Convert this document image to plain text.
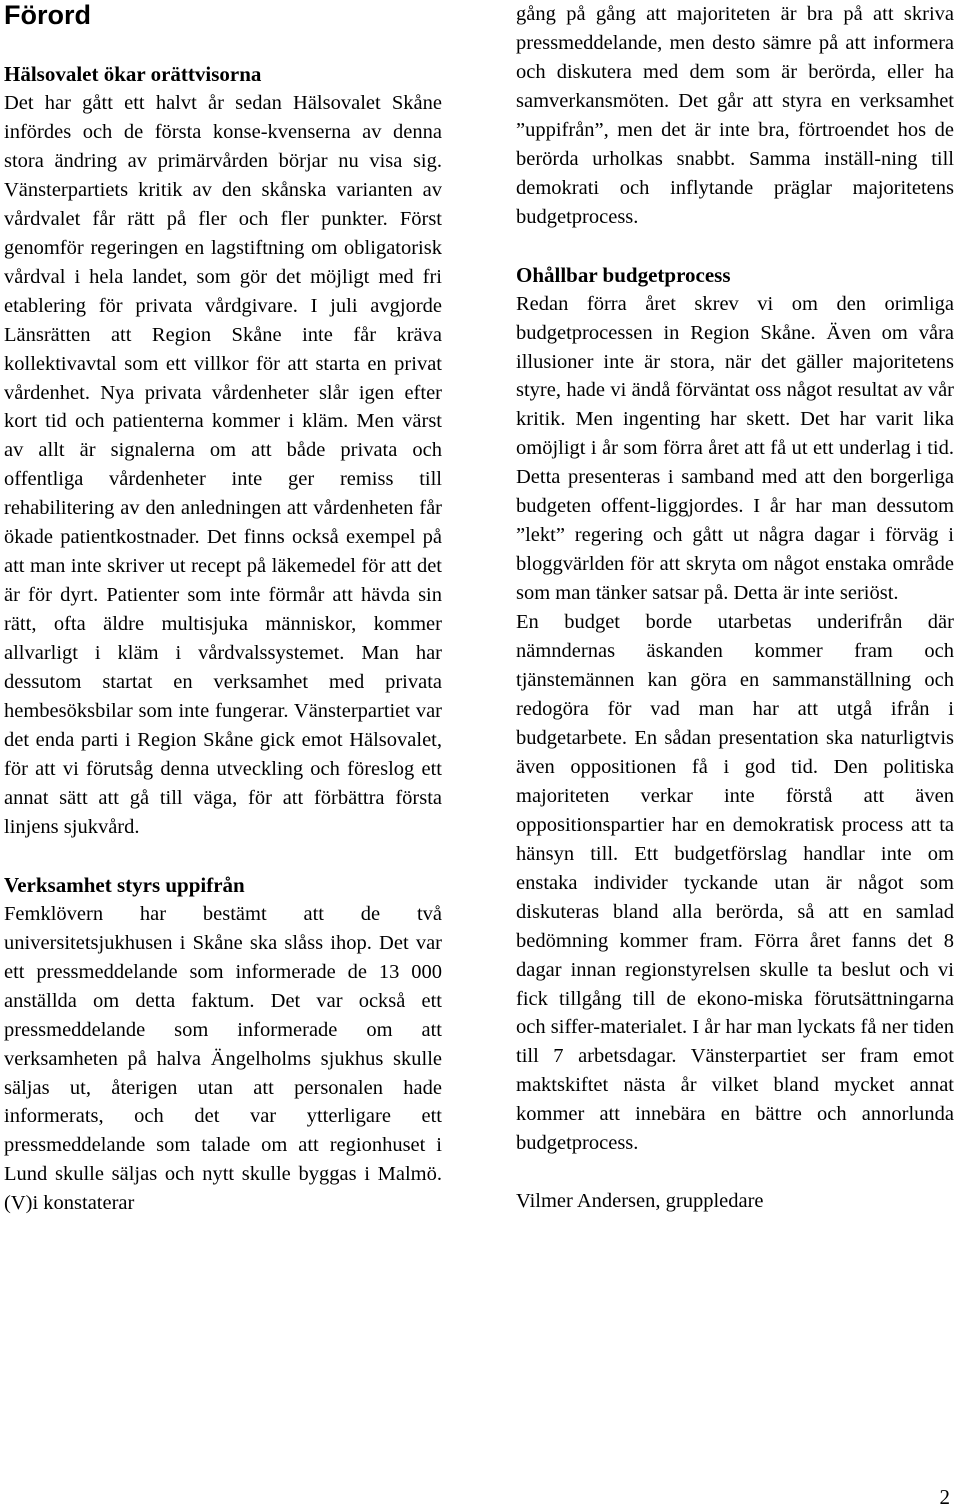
Förord
Hälsovalet ökar orättvisorna

Det har gått ett halvt år sedan Hälsovalet Skåne infördes och de första konse-kvenserna av denna stora ändring av primärvården börjar nu visa sig. Vänsterpartiets kritik av den skånska varianten av vårdvalet får rätt på fler och fler punkter. Först genomför regeringen en lagstiftning om obligatorisk vårdval i hela landet, som gör det möjligt med fri etablering för privata vårdgivare. I juli avgjorde Länsrätten att Region Skåne inte får kräva kollektivavtal som ett villkor för att starta en privat vårdenhet. Nya privata vårdenheter slår igen efter kort tid och patienterna kommer i kläm. Men värst av allt är signalerna om att både privata och offentliga vårdenheter inte ger remiss till rehabilitering av den anledningen att vårdenheten får ökade patientkostnader. Det finns också exempel på att man inte skriver ut recept på läkemedel för att det är för dyrt. Patienter som inte förmår att hävda sin rätt, ofta äldre multisjuka människor, kommer allvarligt i kläm i vårdvalssystemet. Man har dessutom startat en verksamhet med privata hembesöksbilar som inte fungerar. Vänsterpartiet var det enda parti i Region Skåne gick emot Hälsovalet, för att vi förutsåg denna utveckling och föreslog ett annat sätt att gå till väga, för att förbättra första linjens sjukvård.

Verksamhet styrs uppifrån

Femklövern har bestämt att de två universitetsjukhusen i Skåne ska slåss ihop. Det var ett pressmeddelande som informerade de 13 000 anställda om detta faktum. Det var också ett pressmeddelande som informerade om att verksamheten på halva Ängelholms sjukhus skulle säljas ut, återigen utan att personalen hade informerats, och det var ytterligare ett pressmeddelande som talade om att regionhuset i Lund skulle säljas och nytt skulle byggas i Malmö. (V)i konstaterar

gång på gång att majoriteten är bra på att skriva pressmeddelande, men desto sämre på att informera och diskutera med dem som är berörda, eller ha samverkansmöten. Det går att styra en verksamhet ”uppifrån”, men det är inte bra, förtroendet hos de berörda urholkas snabbt. Samma inställ-ning till demokrati och inflytande präglar majoritetens budgetprocess.

Ohållbar budgetprocess

Redan förra året skrev vi om den orimliga budgetprocessen in Region Skåne. Även om våra illusioner inte är stora, när det gäller majoritetens styre, hade vi ändå förväntat oss något resultat av vår kritik. Men ingenting har skett. Det har varit lika omöjligt i år som förra året att få ut ett underlag i tid. Detta presenteras i samband med att den borgerliga budgeten offent-liggjordes. I år har man dessutom ”lekt” regering och gått ut några dagar i förväg i bloggvärlden för att skryta om något enstaka område som man tänker satsar på. Detta är inte seriöst.

En budget borde utarbetas underifrån där nämndernas äskanden kommer fram och tjänstemännen kan göra en sammanställning och redogöra för vad man har att utgå ifrån i budgetarbete. En sådan presentation ska naturligtvis även oppositionen få i god tid. Den politiska majoriteten verkar inte förstå att även oppositionspartier har en demokratisk process att ta hänsyn till. Ett budgetförslag handlar inte om enstaka individer tyckande utan är något som diskuteras bland alla berörda, så att en samlad bedömning kommer fram. Förra året fanns det 8 dagar innan regionstyrelsen skulle ta beslut och vi fick tillgång till de ekono-miska förutsättningarna och siffer-materialet. I år har man lyckats få ner tiden till 7 arbetsdagar. Vänsterpartiet ser fram emot maktskiftet nästa år vilket bland mycket annat kommer att innebära en bättre och annorlunda budgetprocess.

Vilmer Andersen, gruppledare

2
